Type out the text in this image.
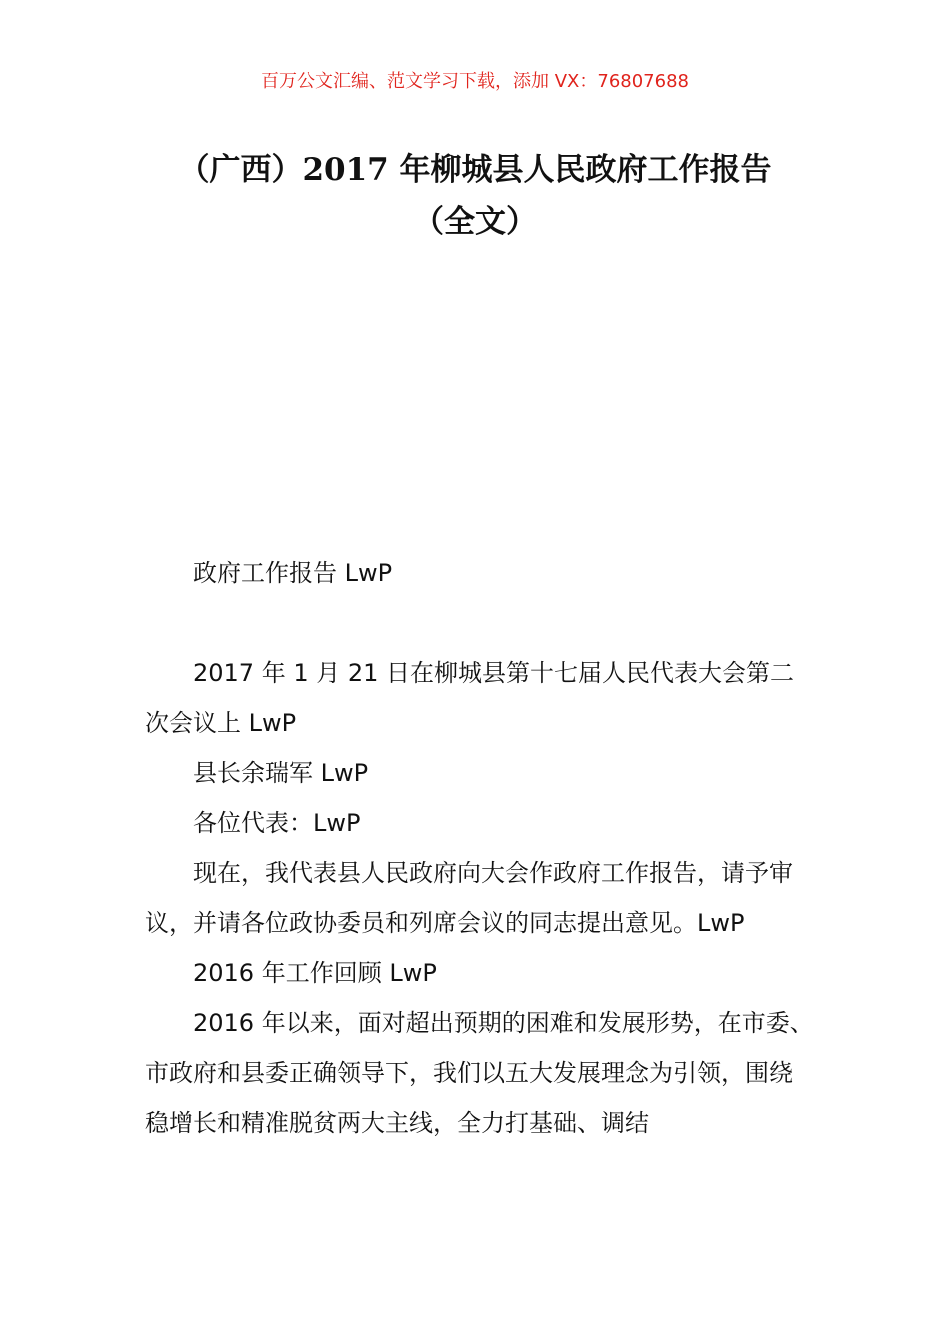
百万公文汇编、范文学习下载，添加 VX：76807688
（广西）2017 年柳城县人民政府工作报告
（全文）

政府工作报告 LwP

2017 年 1 月 21 日在柳城县第十七届人民代表大会第二次会议上 LwP

县长余瑞军 LwP

各位代表：LwP

现在，我代表县人民政府向大会作政府工作报告，请予审议，并请各位政协委员和列席会议的同志提出意见。LwP

2016 年工作回顾 LwP

2016 年以来，面对超出预期的困难和发展形势，在市委、市政府和县委正确领导下，我们以五大发展理念为引领，围绕稳增长和精准脱贫两大主线，全力打基础、调结
